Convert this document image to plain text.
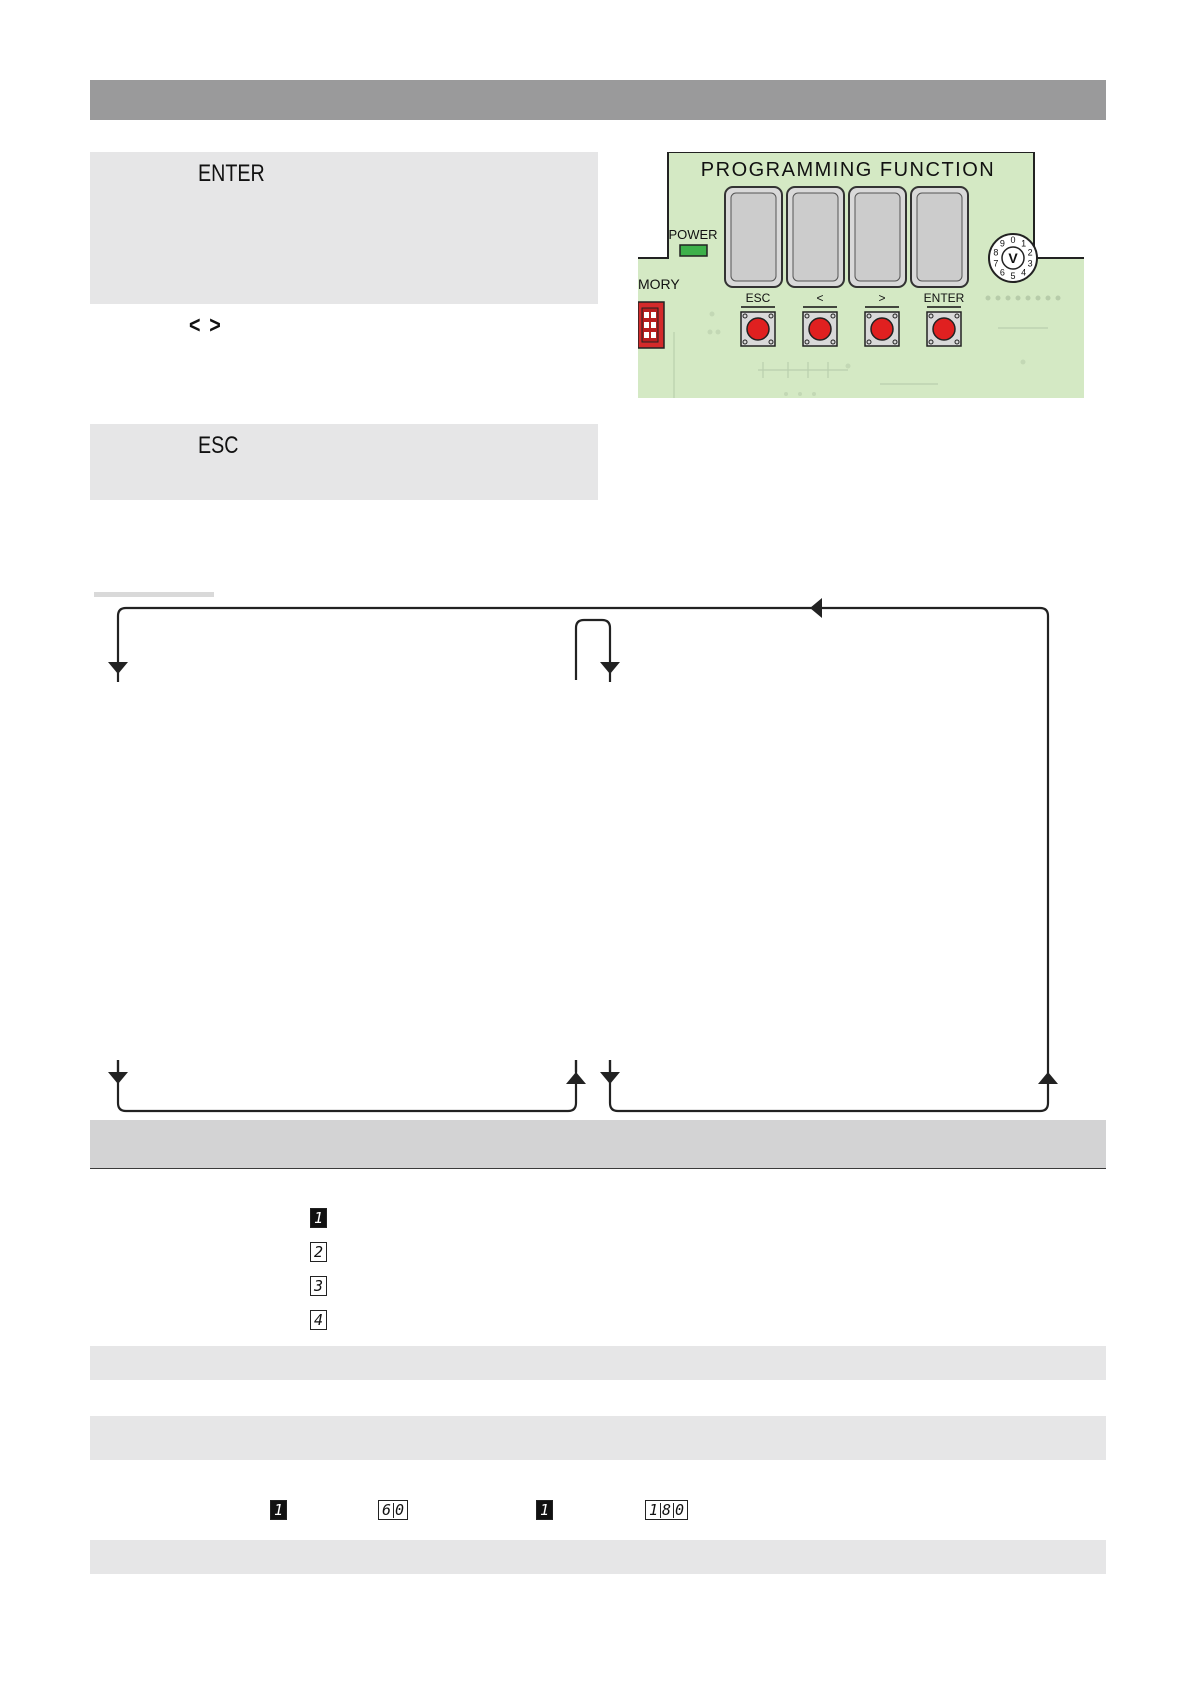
ENTER
< >
ESC
PROGRAMMING FUNCTION
POWER
MORY
ESC	<	>	ENTER
V
0 1
2
3
4
5
6
7
8
9
1
2
3
4
1	6 0	1	1 8 0
